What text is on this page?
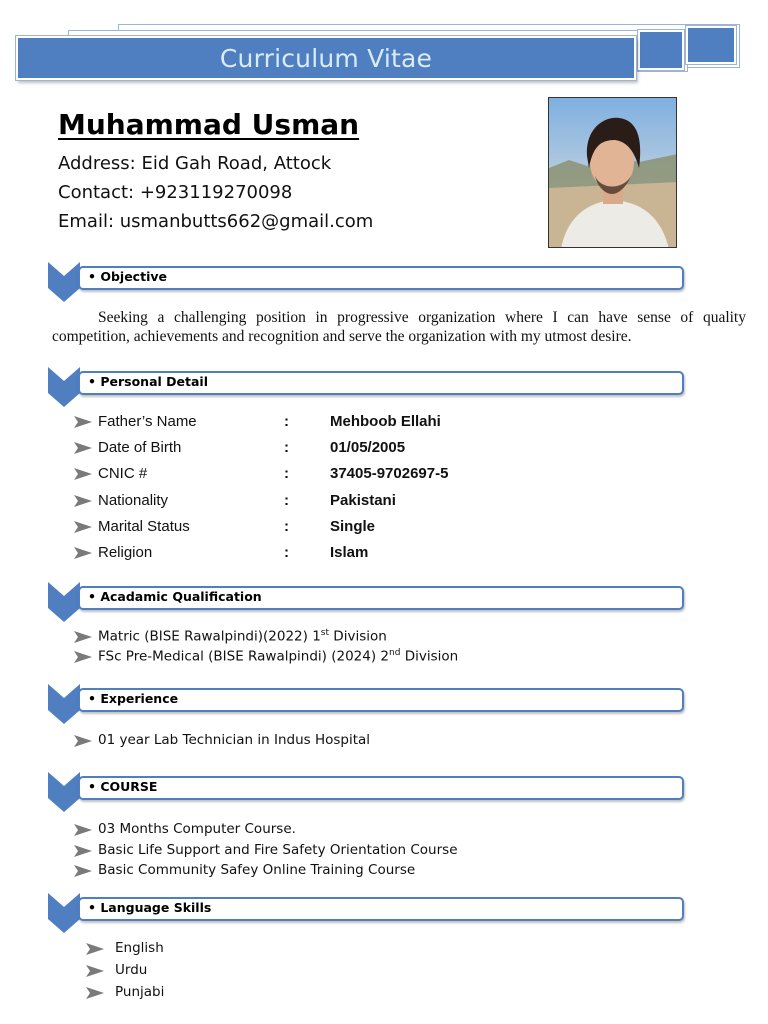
Curriculum Vitae
Muhammad Usman
Address: Eid Gah Road, Attock
Contact: +923119270098
Email: usmanbutts662@gmail.com
• Objective

Seeking a challenging position in progressive organization where I can have sense of quality competition, achievements and recognition and serve the organization with my utmost desire.

• Personal Detail
Father’s Name	:	Mehboob Ellahi
Date of Birth	:	01/05/2005
CNIC #	:	37405-9702697-5
Nationality	:	Pakistani
Marital Status	:	Single
Religion	:	Islam
• Acadamic Qualification
Matric (BISE Rawalpindi)(2022) 1st Division
FSc Pre-Medical (BISE Rawalpindi) (2024) 2nd Division
• Experience
01 year Lab Technician in Indus Hospital
• COURSE
03 Months Computer Course.
Basic Life Support and Fire Safety Orientation Course
Basic Community Safey Online Training Course
• Language Skills
English
Urdu
Punjabi
